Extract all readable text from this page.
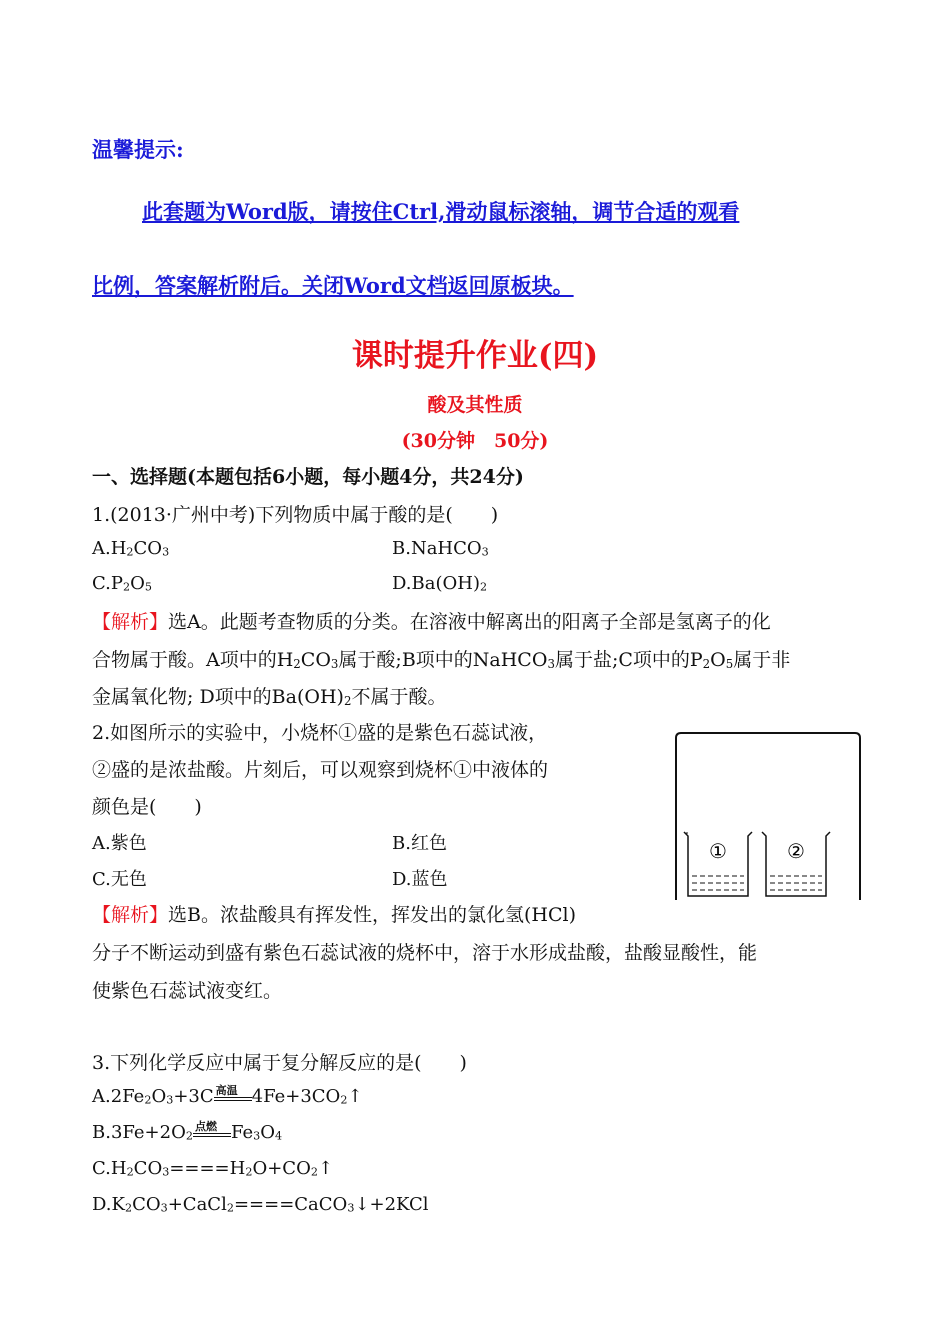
温馨提示:
此套题为Word版，请按住Ctrl,滑动鼠标滚轴，调节合适的观看
比例，答案解析附后。关闭Word文档返回原板块。
课时提升作业(四)
酸及其性质
(30分钟　50分)
一、选择题(本题包括6小题，每小题4分，共24分)
1.(2013·广州中考)下列物质中属于酸的是(　　)
$A.H_2CO_3$	B.NaHCO$_3$
$C.P_2O_5$	$D.Ba(OH)_2$
【解析】选A。此题考查物质的分类。在溶液中解离出的阳离子全部是氢离子的化
合物属于酸。A项中的$H_2CO_3$属于酸;B项中的NaHCO$_3$属于盐;C项中的$P_2O_5$属于非
金属氧化物; D项中的$Ba(OH)_2$不属于酸。
2.如图所示的实验中，小烧杯①盛的是紫色石蕊试液，
②盛的是浓盐酸。片刻后，可以观察到烧杯①中液体的
颜色是(　　)
A.紫色	B.红色
C.无色	D.蓝色
【解析】选B。浓盐酸具有挥发性，挥发出的氯化氢(HCl)
分子不断运动到盛有紫色石蕊试液的烧杯中，溶于水形成盐酸，盐酸显酸性，能
使紫色石蕊试液变红。
①	②
3.下列化学反应中属于复分解反应的是(　　)
$A.2Fe_2O_3+3C$ 高温 $4Fe+3CO_2↑$
$B.3Fe+2O_2$
点燃 $Fe_3O_4$
$C.H_2CO_3====H_2O+CO_2↑$
$D.K_2CO_3+CaCl_2====CaCO_3↓+2KCl$
